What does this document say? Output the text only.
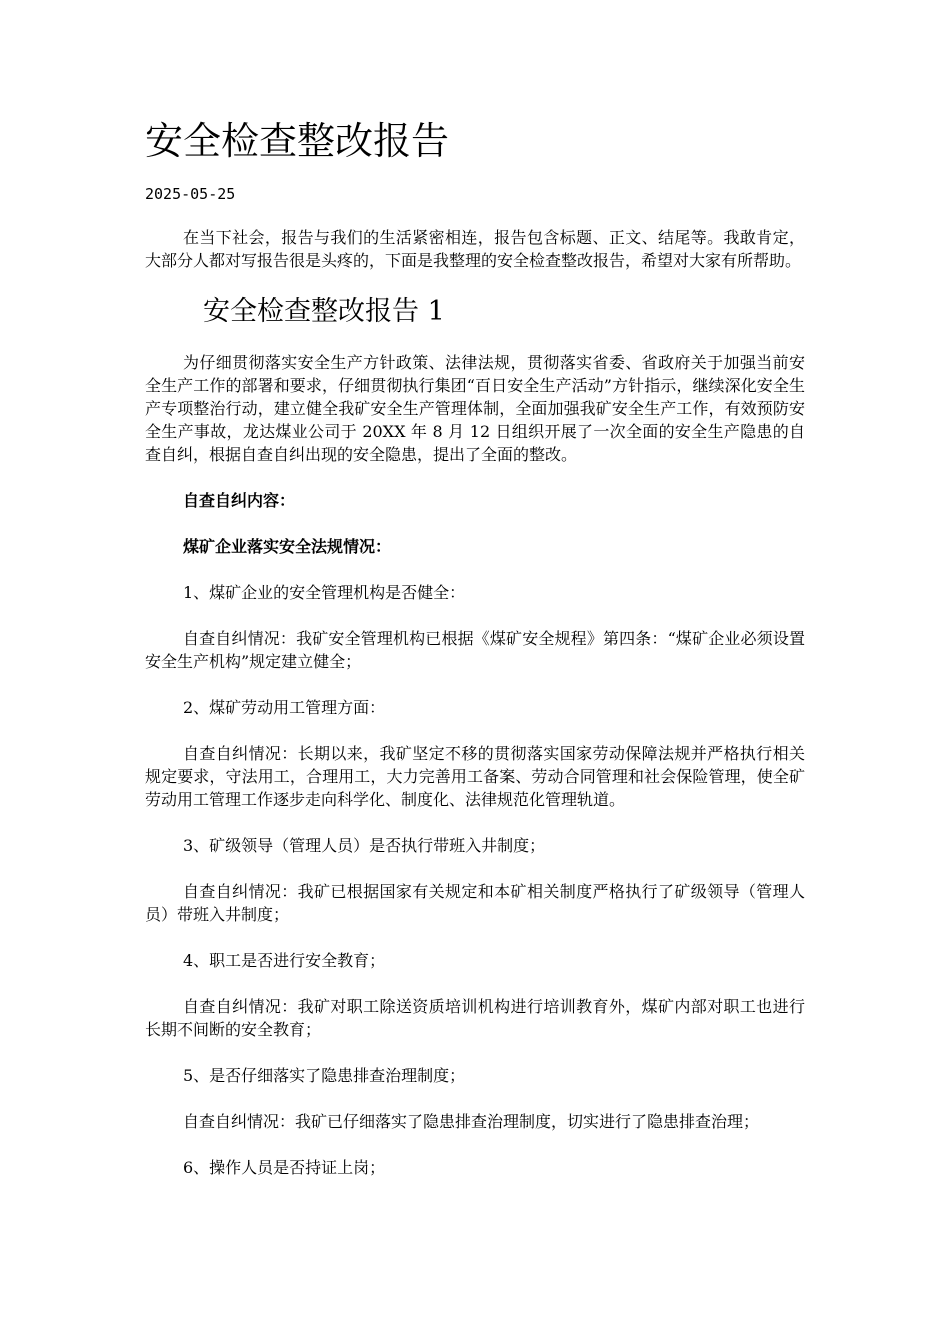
安全检查整改报告
2025-05-25

在当下社会，报告与我们的生活紧密相连，报告包含标题、正文、结尾等。我敢肯定，大部分人都对写报告很是头疼的，下面是我整理的安全检查整改报告，希望对大家有所帮助。

安全检查整改报告 1

为仔细贯彻落实安全生产方针政策、法律法规，贯彻落实省委、省政府关于加强当前安全生产工作的部署和要求，仔细贯彻执行集团“百日安全生产活动”方针指示，继续深化安全生产专项整治行动，建立健全我矿安全生产管理体制，全面加强我矿安全生产工作，有效预防安全生产事故，龙达煤业公司于 20XX 年 8 月 12 日组织开展了一次全面的安全生产隐患的自查自纠，根据自查自纠出现的安全隐患，提出了全面的整改。

自查自纠内容：

煤矿企业落实安全法规情况：

1、煤矿企业的安全管理机构是否健全：

自查自纠情况：我矿安全管理机构已根据《煤矿安全规程》第四条：“煤矿企业必须设置安全生产机构”规定建立健全；

2、煤矿劳动用工管理方面：

自查自纠情况：长期以来，我矿坚定不移的贯彻落实国家劳动保障法规并严格执行相关规定要求，守法用工，合理用工，大力完善用工备案、劳动合同管理和社会保险管理，使全矿劳动用工管理工作逐步走向科学化、制度化、法律规范化管理轨道。

3、矿级领导（管理人员）是否执行带班入井制度；

自查自纠情况：我矿已根据国家有关规定和本矿相关制度严格执行了矿级领导（管理人员）带班入井制度；

4、职工是否进行安全教育；

自查自纠情况：我矿对职工除送资质培训机构进行培训教育外，煤矿内部对职工也进行长期不间断的安全教育；

5、是否仔细落实了隐患排查治理制度；

自查自纠情况：我矿已仔细落实了隐患排查治理制度，切实进行了隐患排查治理；

6、操作人员是否持证上岗；
